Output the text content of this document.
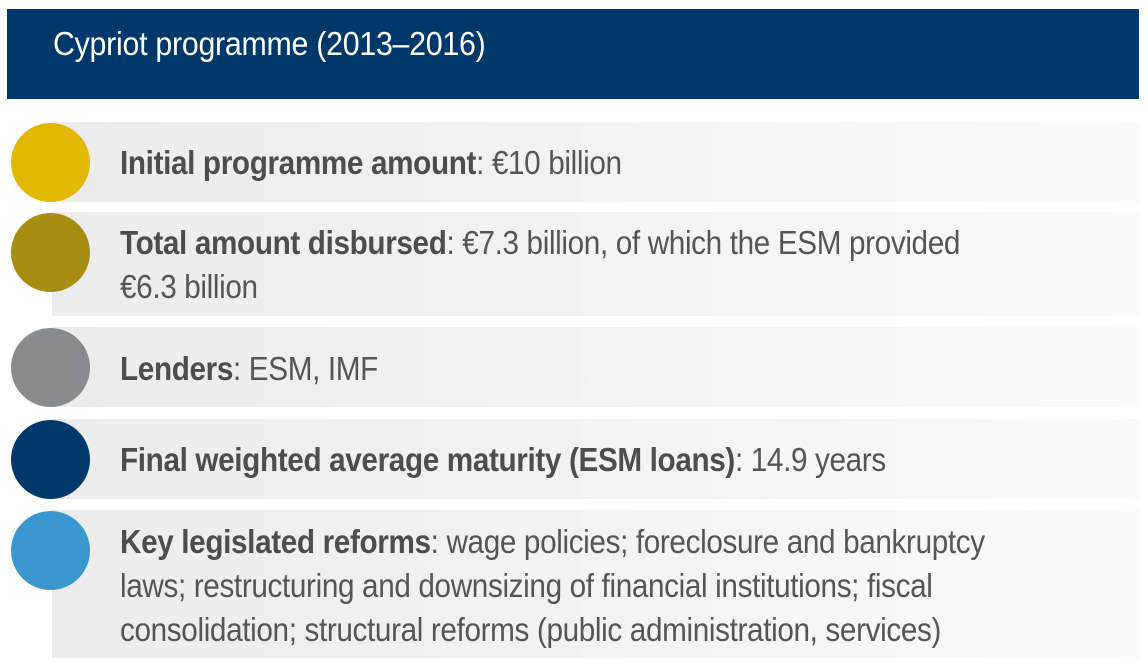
Cypriot programme (2013–2016)
Initial programme amount: €10 billion
Total amount disbursed: €7.3 billion, of which the ESM provided
€6.3 billion
Lenders: ESM, IMF
Final weighted average maturity (ESM loans): 14.9 years
Key legislated reforms: wage policies; foreclosure and bankruptcy
laws; restructuring and downsizing of financial institutions; fiscal
consolidation; structural reforms (public administration, services)
